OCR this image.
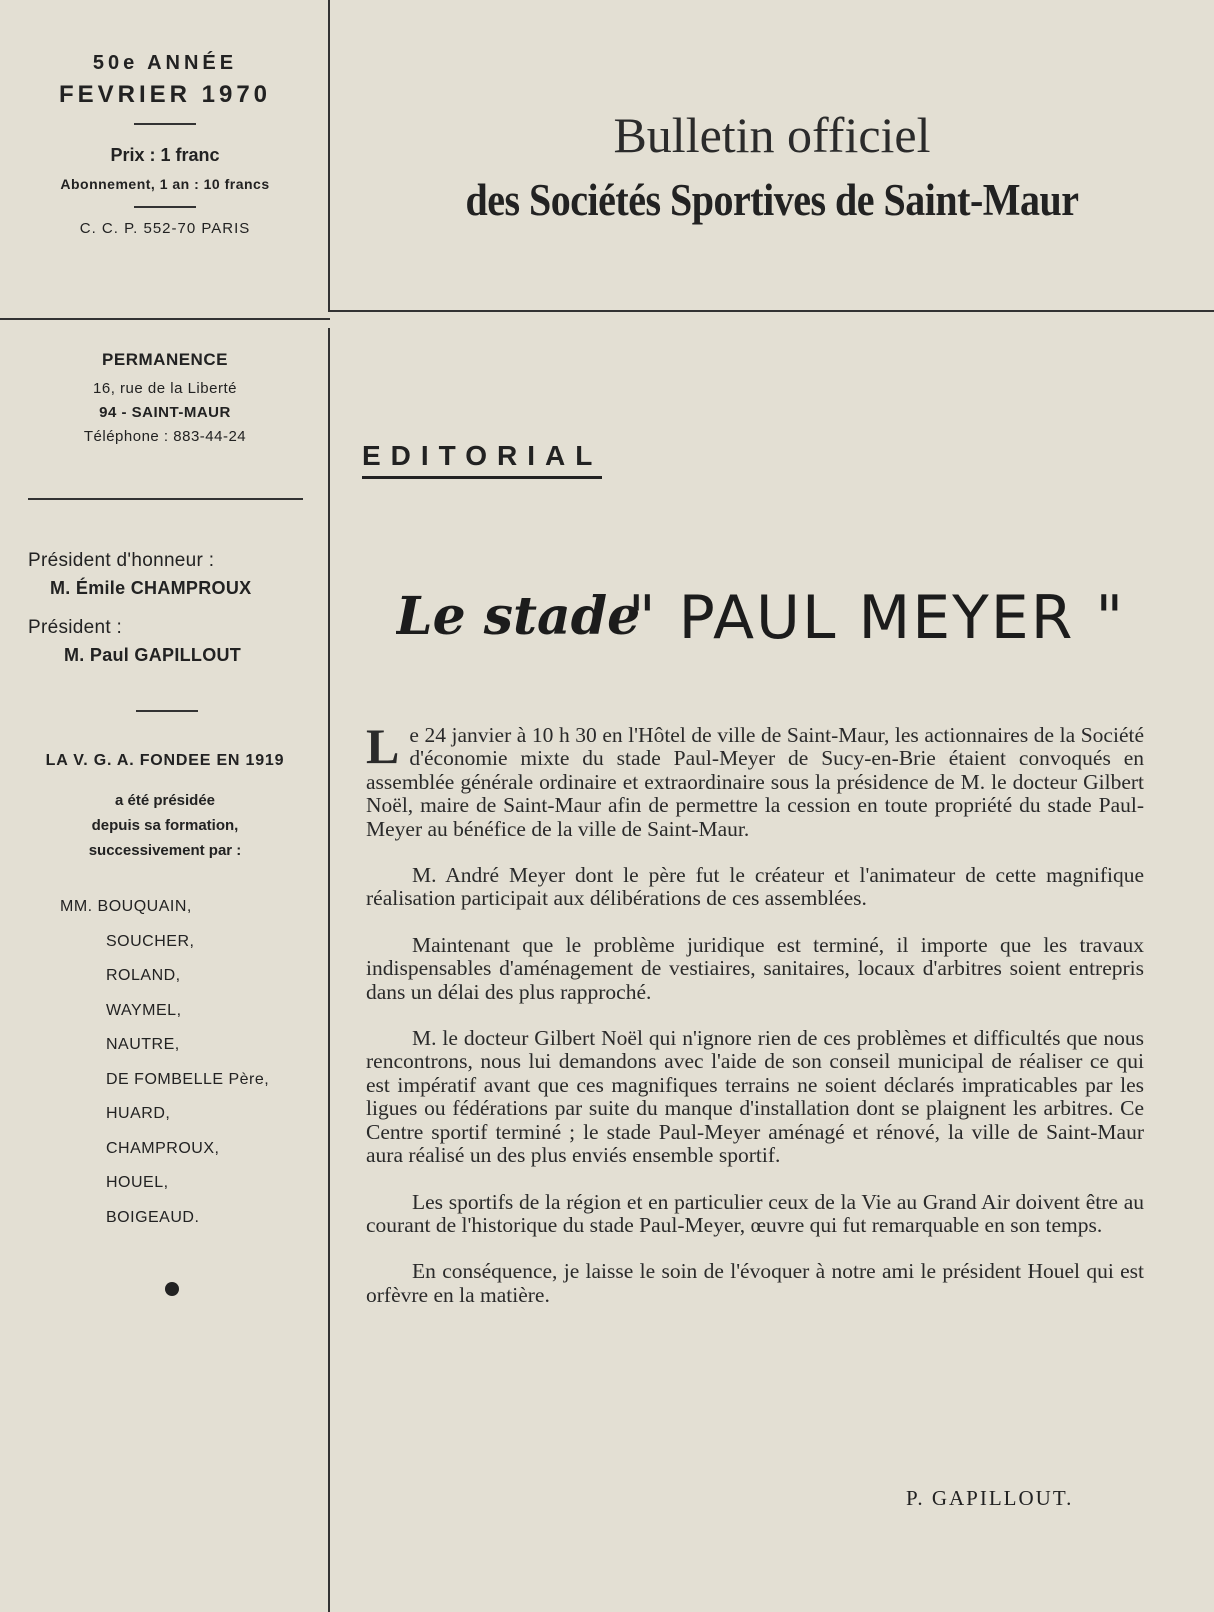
50e ANNÉE
FEVRIER 1970
Prix : 1 franc
Abonnement, 1 an : 10 francs
C. C. P. 552-70 PARIS
Bulletin officiel
des Sociétés Sportives de Saint-Maur
PERMANENCE
16, rue de la Liberté
94 - SAINT-MAUR
Téléphone : 883-44-24
Président d'honneur :
M. Émile CHAMPROUX
Président :
M. Paul GAPILLOUT
LA V. G. A. FONDEE EN 1919
a été présidée
depuis sa formation,
successivement par :
MM. BOUQUAIN,
SOUCHER,
ROLAND,
WAYMEL,
NAUTRE,
DE FOMBELLE Père,
HUARD,
CHAMPROUX,
HOUEL,
BOIGEAUD.
EDITORIAL
Le stade
" PAUL MEYER "

Le 24 janvier à 10 h 30 en l'Hôtel de ville de Saint-Maur, les actionnaires de la Société d'économie mixte du stade Paul-Meyer de Sucy-en-Brie étaient convoqués en assemblée générale ordinaire et extraordinaire sous la présidence de M. le docteur Gilbert Noël, maire de Saint-Maur afin de permettre la cession en toute propriété du stade Paul-Meyer au bénéfice de la ville de Saint-Maur.

M. André Meyer dont le père fut le créateur et l'animateur de cette magnifique réalisation participait aux délibérations de ces assemblées.

Maintenant que le problème juridique est terminé, il importe que les travaux indispensables d'aménagement de vestiaires, sanitaires, locaux d'arbitres soient entrepris dans un délai des plus rapproché.

M. le docteur Gilbert Noël qui n'ignore rien de ces problèmes et difficultés que nous rencontrons, nous lui demandons avec l'aide de son conseil municipal de réaliser ce qui est impératif avant que ces magnifiques terrains ne soient déclarés impraticables par les ligues ou fédérations par suite du manque d'installation dont se plaignent les arbitres. Ce Centre sportif terminé ; le stade Paul-Meyer aménagé et rénové, la ville de Saint-Maur aura réalisé un des plus enviés ensemble sportif.

Les sportifs de la région et en particulier ceux de la Vie au Grand Air doivent être au courant de l'historique du stade Paul-Meyer, œuvre qui fut remarquable en son temps.

En conséquence, je laisse le soin de l'évoquer à notre ami le président Houel qui est orfèvre en la matière.

P. GAPILLOUT.
